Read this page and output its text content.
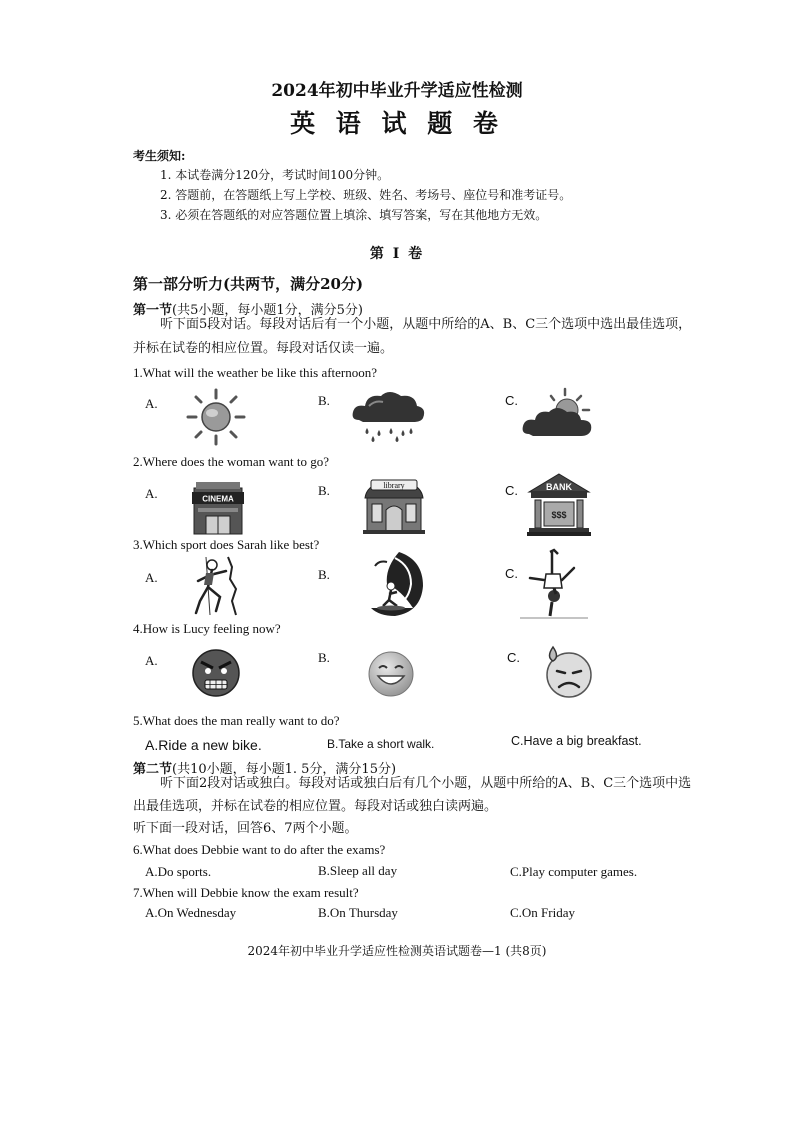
2024年初中毕业升学适应性检测
英 语 试 题 卷
考生须知:
1. 本试卷满分120分，考试时间100分钟。
2. 答题前，在答题纸上写上学校、班级、姓名、考场号、座位号和准考证号。
3. 必须在答题纸的对应答题位置上填涂、填写答案，写在其他地方无效。
第 I 卷
第一部分听力(共两节，满分20分)
第一节(共5小题，每小题1分，满分5分)
听下面5段对话。每段对话后有一个小题，从题中所给的A、B、C三个选项中选出最佳选项，
并标在试卷的相应位置。每段对话仅读一遍。
1.What will the weather be like this afternoon?
A.	B.	C.
2.Where does the woman want to go?
A.	B.	C.
CINEMA
library	BANK
$$$
3.Which sport does Sarah like best?
A.	B.	C.
4.How is Lucy feeling now?
A.	B.	C.
5.What does the man really want to do?
A.Ride a new bike.	B.Take a short walk.	C.Have a big breakfast.
第二节(共10小题，每小题1. 5分，满分15分)
听下面2段对话或独白。每段对话或独白后有几个小题，从题中所给的A、B、C三个选项中选
出最佳选项，并标在试卷的相应位置。每段对话或独白读两遍。
听下面一段对话，回答6、7两个小题。
6.What does Debbie want to do after the exams?
A.Do sports.	B.Sleep all day	C.Play computer games.
7.When will Debbie know the exam result?
A.On Wednesday	B.On Thursday	C.On Friday
2024年初中毕业升学适应性检测英语试题卷—1 (共8页)
